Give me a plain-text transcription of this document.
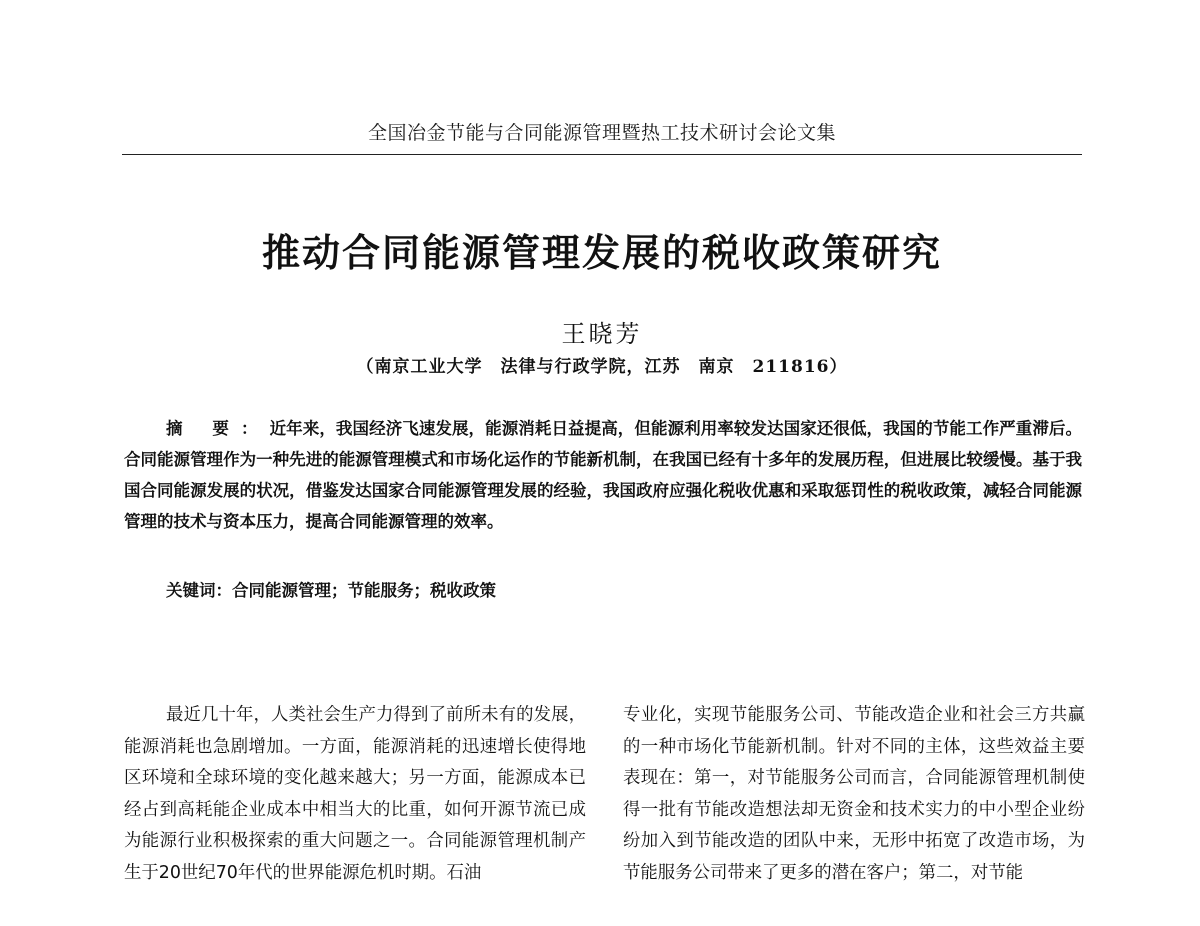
全国冶金节能与合同能源管理暨热工技术研讨会论文集
推动合同能源管理发展的税收政策研究
王晓芳
（南京工业大学　法律与行政学院，江苏　南京　211816）
摘 要：近年来，我国经济飞速发展，能源消耗日益提高，但能源利用率较发达国家还很低，我国的节能工作严重滞后。合同能源管理作为一种先进的能源管理模式和市场化运作的节能新机制，在我国已经有十多年的发展历程，但进展比较缓慢。基于我国合同能源发展的状况，借鉴发达国家合同能源管理发展的经验，我国政府应强化税收优惠和采取惩罚性的税收政策，减轻合同能源管理的技术与资本压力，提高合同能源管理的效率。
关键词：合同能源管理；节能服务；税收政策
最近几十年，人类社会生产力得到了前所未有的发展，能源消耗也急剧增加。一方面，能源消耗的迅速增长使得地区环境和全球环境的变化越来越大；另一方面，能源成本已经占到高耗能企业成本中相当大的比重，如何开源节流已成为能源行业积极探索的重大问题之一。合同能源管理机制产生于20世纪70年代的世界能源危机时期。石油
专业化，实现节能服务公司、节能改造企业和社会三方共赢的一种市场化节能新机制。针对不同的主体，这些效益主要表现在：第一，对节能服务公司而言，合同能源管理机制使得一批有节能改造想法却无资金和技术实力的中小型企业纷纷加入到节能改造的团队中来，无形中拓宽了改造市场，为节能服务公司带来了更多的潜在客户；第二，对节能
